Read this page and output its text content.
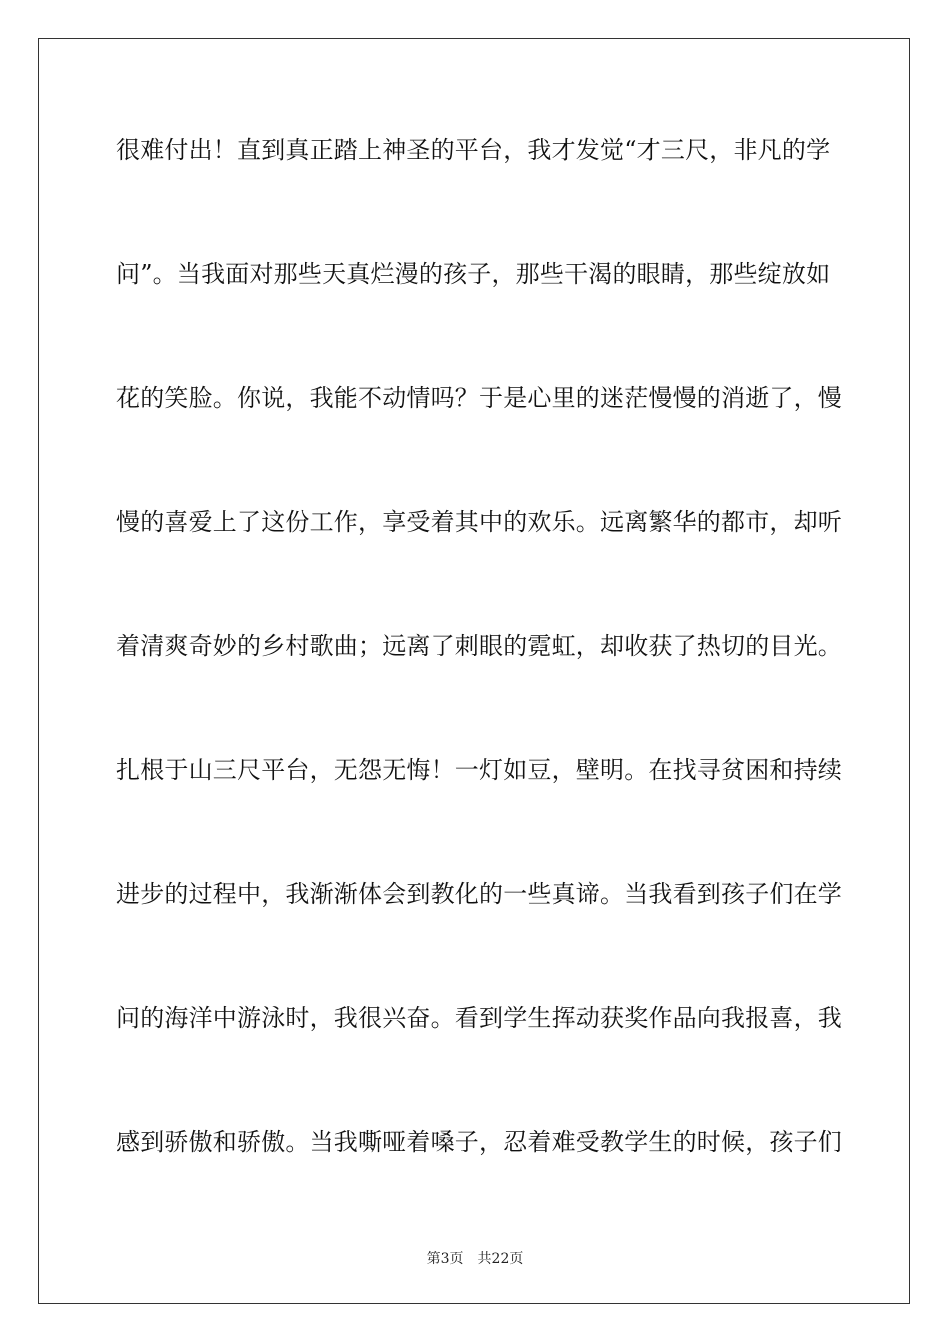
很难付出！直到真正踏上神圣的平台，我才发觉“才三尺，非凡的学
问”。当我面对那些天真烂漫的孩子，那些干渴的眼睛，那些绽放如
花的笑脸。你说，我能不动情吗？于是心里的迷茫慢慢的消逝了，慢
慢的喜爱上了这份工作，享受着其中的欢乐。远离繁华的都市，却听
着清爽奇妙的乡村歌曲；远离了刺眼的霓虹，却收获了热切的目光。
扎根于山三尺平台，无怨无悔！一灯如豆，壁明。在找寻贫困和持续
进步的过程中，我渐渐体会到教化的一些真谛。当我看到孩子们在学
问的海洋中游泳时，我很兴奋。看到学生挥动获奖作品向我报喜，我
感到骄傲和骄傲。当我嘶哑着嗓子，忍着难受教学生的时候，孩子们
第3页 共22页
